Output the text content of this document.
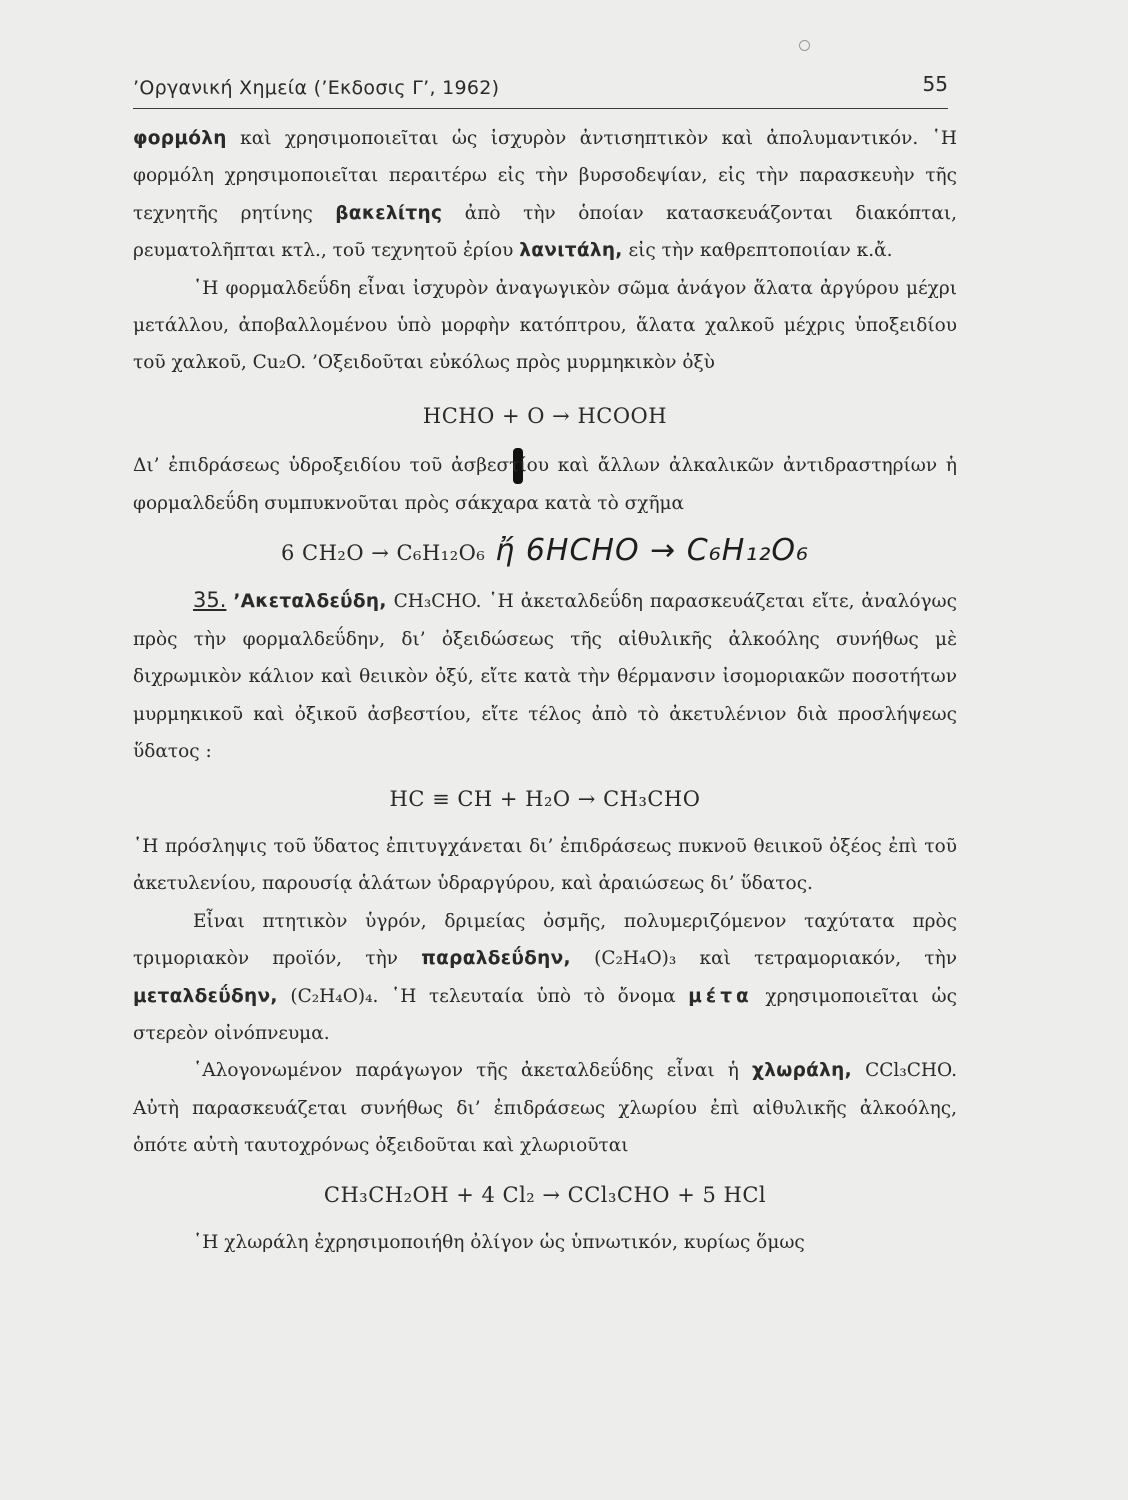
’Οργανική Χημεία (’Εκδοσις Γ’, 1962)	55

φορμόλη καὶ χρησιμοποιεῖται ὡς ἰσχυρὸν ἀντισηπτικὸν καὶ ἀπολυμαντικόν. ῾Η φορμόλη χρησιμοποιεῖται περαιτέρω εἰς τὴν βυρσοδεψίαν, εἰς τὴν παρασκευὴν τῆς τεχνητῆς ρητίνης βακελίτης ἀπὸ τὴν ὁποίαν κατασκευάζονται διακόπται, ρευματολῆπται κτλ., τοῦ τεχνητοῦ ἐρίου λανιτάλη, εἰς τὴν καθρεπτοποιίαν κ.ἄ.

῾Η φορμαλδεΰδη εἶναι ἰσχυρὸν ἀναγωγικὸν σῶμα ἀνάγον ἅλατα ἀργύρου μέχρι μετάλλου, ἀποβαλλομένου ὑπὸ μορφὴν κατόπτρου, ἅλατα χαλκοῦ μέχρις ὑποξειδίου τοῦ χαλκοῦ, Cu₂O. ’Οξειδοῦται εὐκόλως πρὸς μυρμηκικὸν ὀξὺ

HCHO + O → HCOOH

Δι’ ἐπιδράσεως ὑδροξειδίου τοῦ ἀσβεστίου καὶ ἄλλων ἀλκαλικῶν ἀντιδραστηρίων ἡ φορμαλδεΰδη συμπυκνοῦται πρὸς σάκχαρα κατὰ τὸ σχῆμα

6 CH₂O → C₆H₁₂O₆ ἤ 6HCHO → C₆H₁₂O₆

35. ’Ακεταλδεΰδη, CH₃CHO. ῾Η ἀκεταλδεΰδη παρασκευάζεται εἴτε, ἀναλόγως πρὸς τὴν φορμαλδεΰδην, δι’ ὀξειδώσεως τῆς αἰθυλικῆς ἀλκοόλης συνήθως μὲ διχρωμικὸν κάλιον καὶ θειικὸν ὀξύ, εἴτε κατὰ τὴν θέρμανσιν ἰσομοριακῶν ποσοτήτων μυρμηκικοῦ καὶ ὀξικοῦ ἀσβεστίου, εἴτε τέλος ἀπὸ τὸ ἀκετυλένιον διὰ προσλήψεως ὕδατος :

HC ≡ CH + H₂O → CH₃CHO

῾Η πρόσληψις τοῦ ὕδατος ἐπιτυγχάνεται δι’ ἐπιδράσεως πυκνοῦ θειικοῦ ὀξέος ἐπὶ τοῦ ἀκετυλενίου, παρουσίᾳ ἁλάτων ὑδραργύρου, καὶ ἀραιώσεως δι’ ὕδατος.

Εἶναι πτητικὸν ὑγρόν, δριμείας ὀσμῆς, πολυμεριζόμενον ταχύτατα πρὸς τριμοριακὸν προϊόν, τὴν παραλδεΰδην, (C₂H₄O)₃ καὶ τετραμοριακόν, τὴν μεταλδεΰδην, (C₂H₄O)₄. ῾Η τελευταία ὑπὸ τὸ ὄνομα μέτα χρησιμοποιεῖται ὡς στερεὸν οἰνόπνευμα.

῾Αλογονωμένον παράγωγον τῆς ἀκεταλδεΰδης εἶναι ἡ χλωράλη, CCl₃CHO. Αὐτὴ παρασκευάζεται συνήθως δι’ ἐπιδράσεως χλωρίου ἐπὶ αἰθυλικῆς ἀλκοόλης, ὁπότε αὐτὴ ταυτοχρόνως ὀξειδοῦται καὶ χλωριοῦται

CH₃CH₂OH + 4 Cl₂ → CCl₃CHO + 5 HCl

῾Η χλωράλη ἐχρησιμοποιήθη ὀλίγον ὡς ὑπνωτικόν, κυρίως ὅμως
